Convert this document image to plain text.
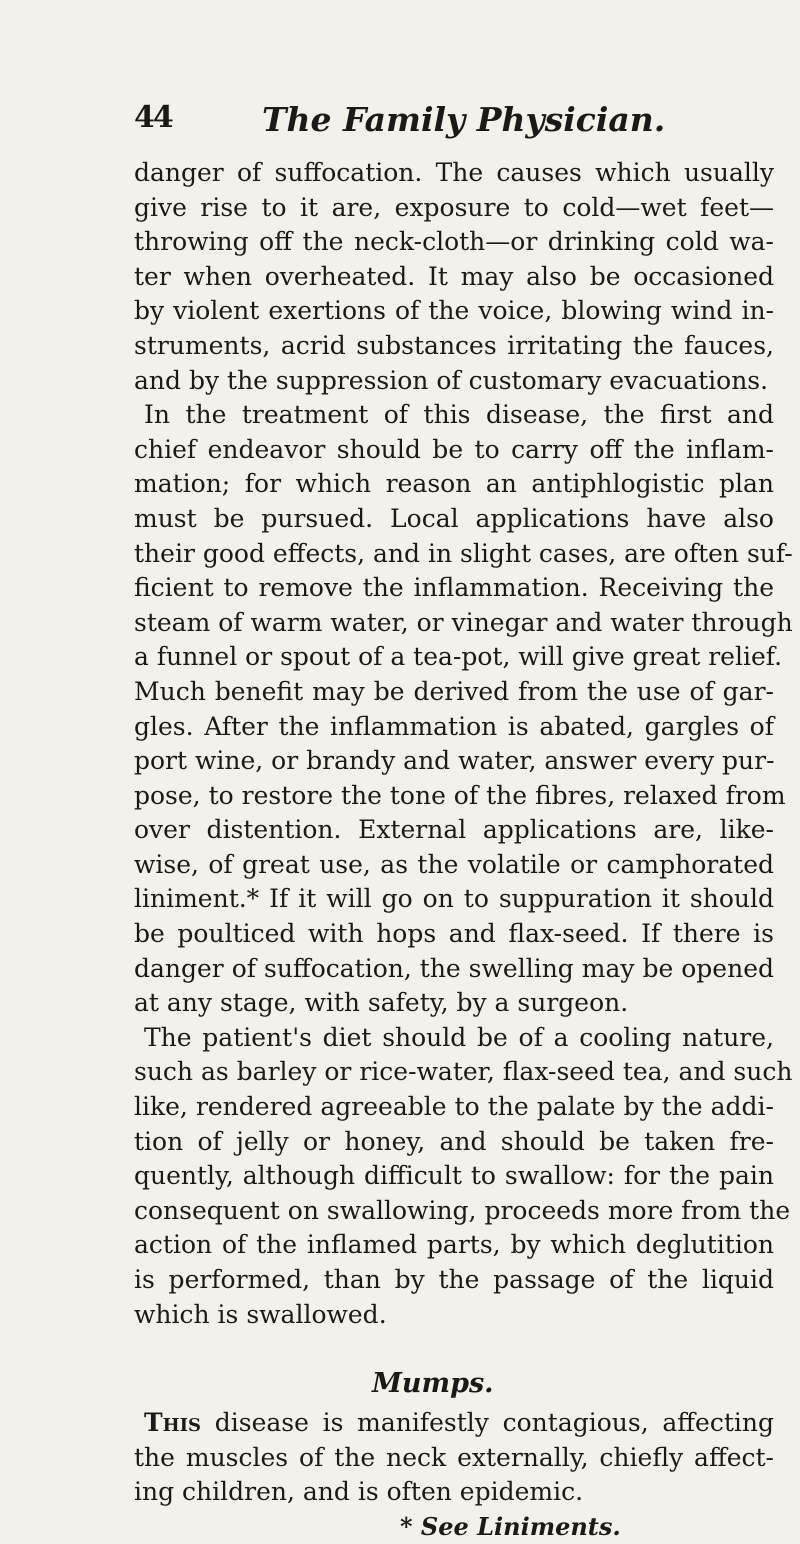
44	The Family Physician.
danger of suffocation. The causes which usually
give rise to it are, exposure to cold—wet feet—
throwing off the neck-cloth—or drinking cold wa-
ter when overheated. It may also be occasioned
by violent exertions of the voice, blowing wind in-
struments, acrid substances irritating the fauces,
and by the suppression of customary evacuations.
In the treatment of this disease, the first and
chief endeavor should be to carry off the inflam-
mation; for which reason an antiphlogistic plan
must be pursued. Local applications have also
their good effects, and in slight cases, are often suf-
ficient to remove the inflammation. Receiving the
steam of warm water, or vinegar and water through
a funnel or spout of a tea-pot, will give great relief.
Much benefit may be derived from the use of gar-
gles. After the inflammation is abated, gargles of
port wine, or brandy and water, answer every pur-
pose, to restore the tone of the fibres, relaxed from
over distention. External applications are, like-
wise, of great use, as the volatile or camphorated
liniment.* If it will go on to suppuration it should
be poulticed with hops and flax-seed. If there is
danger of suffocation, the swelling may be opened
at any stage, with safety, by a surgeon.
The patient's diet should be of a cooling nature,
such as barley or rice-water, flax-seed tea, and such
like, rendered agreeable to the palate by the addi-
tion of jelly or honey, and should be taken fre-
quently, although difficult to swallow: for the pain
consequent on swallowing, proceeds more from the
action of the inflamed parts, by which deglutition
is performed, than by the passage of the liquid
which is swallowed.
Mumps.
This disease is manifestly contagious, affecting
the muscles of the neck externally, chiefly affect-
ing children, and is often epidemic.
* See Liniments.
